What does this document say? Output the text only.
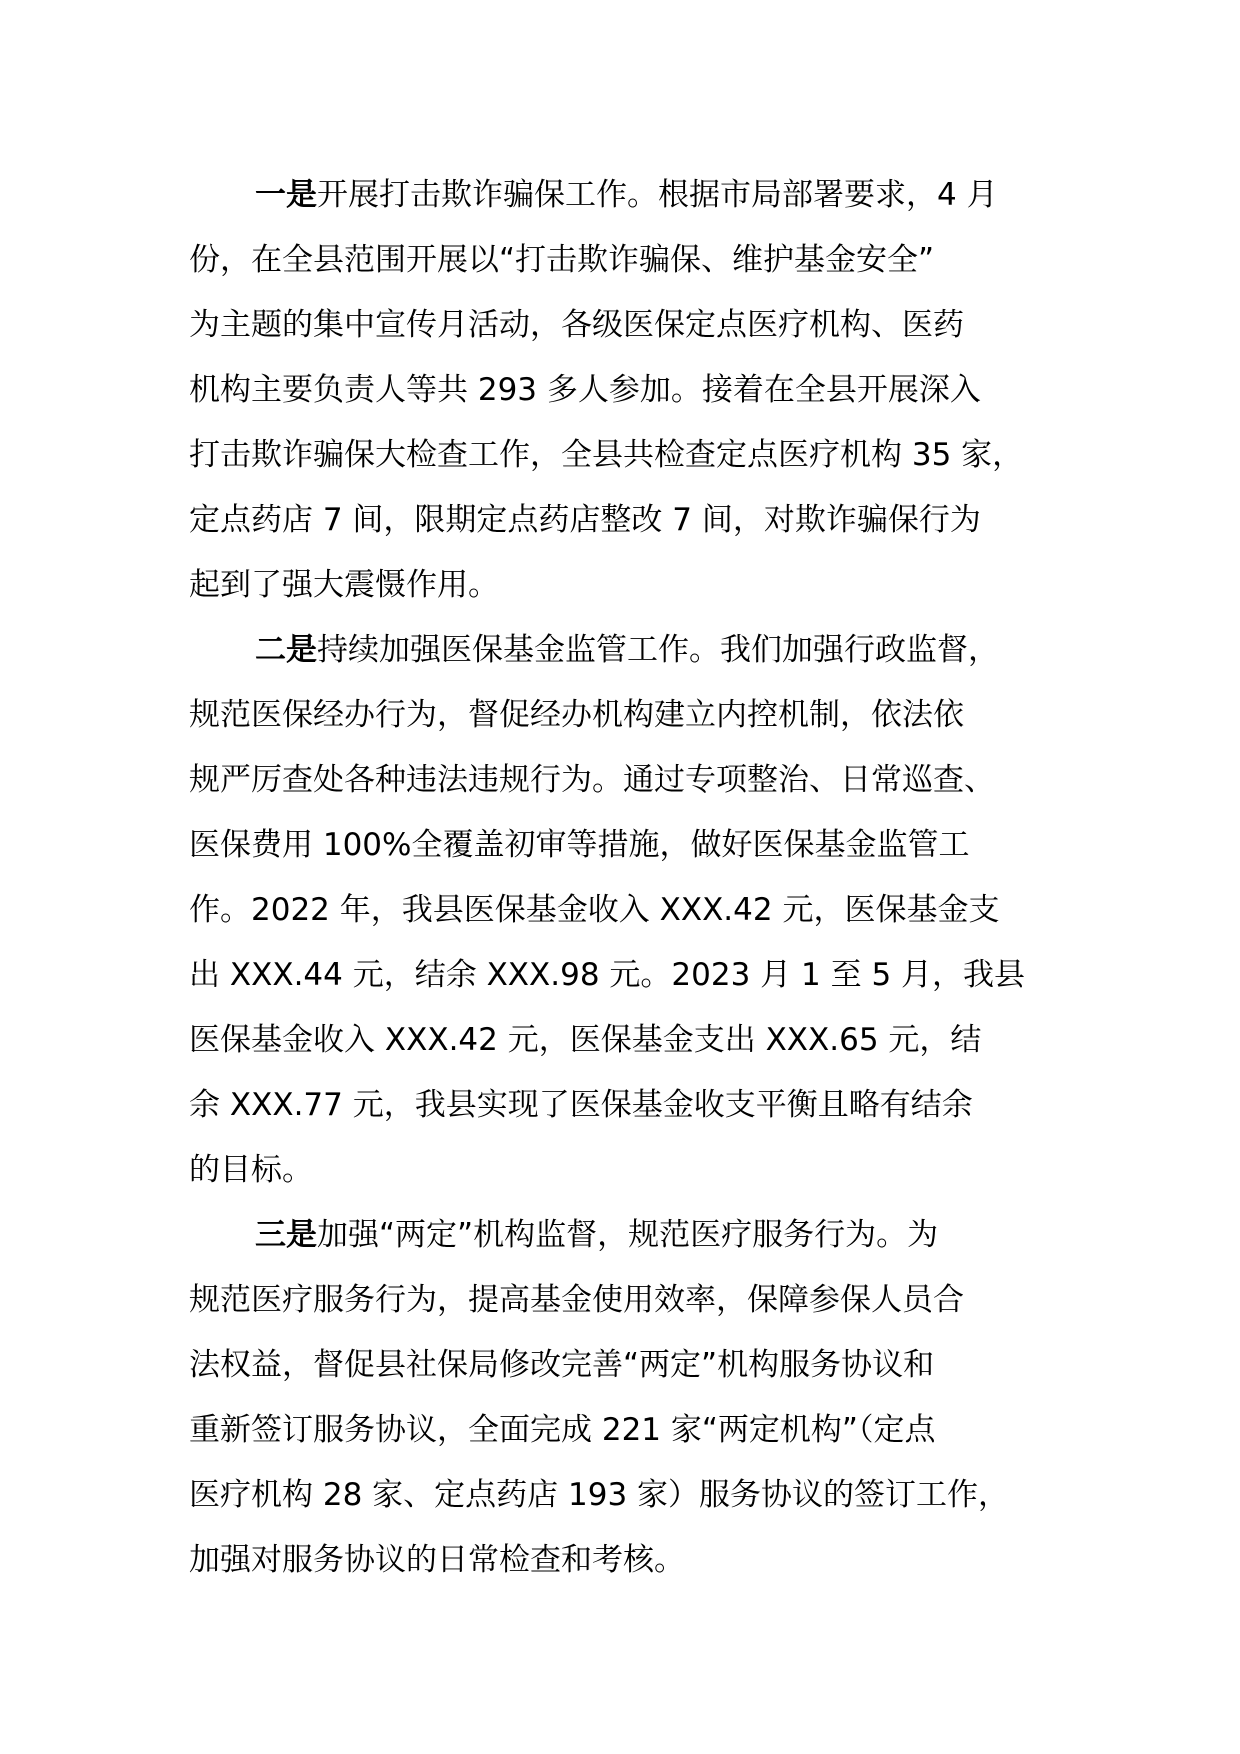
一是开展打击欺诈骗保工作。根据市局部署要求，4 月
份，在全县范围开展以“打击欺诈骗保、维护基金安全”
为主题的集中宣传月活动，各级医保定点医疗机构、医药
机构主要负责人等共 293 多人参加。接着在全县开展深入
打击欺诈骗保大检查工作，全县共检查定点医疗机构 35 家，
定点药店 7 间，限期定点药店整改 7 间，对欺诈骗保行为
起到了强大震慑作用。
二是持续加强医保基金监管工作。我们加强行政监督，
规范医保经办行为，督促经办机构建立内控机制，依法依
规严厉查处各种违法违规行为。通过专项整治、日常巡查、
医保费用 100%全覆盖初审等措施，做好医保基金监管工
作。2022 年，我县医保基金收入 XXX.42 元，医保基金支
出 XXX.44 元，结余 XXX.98 元。2023 月 1 至 5 月，我县
医保基金收入 XXX.42 元，医保基金支出 XXX.65 元，结
余 XXX.77 元，我县实现了医保基金收支平衡且略有结余
的目标。
三是加强“两定”机构监督，规范医疗服务行为。为
规范医疗服务行为，提高基金使用效率，保障参保人员合
法权益，督促县社保局修改完善“两定”机构服务协议和
重新签订服务协议，全面完成 221 家“两定机构”（定点
医疗机构 28 家、定点药店 193 家）服务协议的签订工作，
加强对服务协议的日常检查和考核。
